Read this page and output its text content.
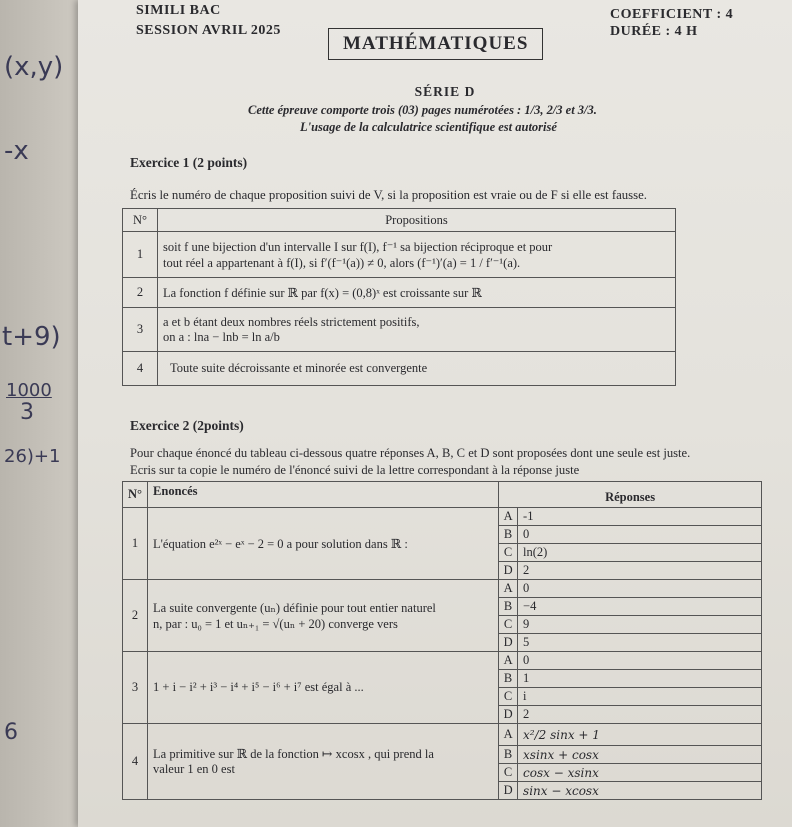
(x,y)
-x
t+9)
1000
3
26)+1
6
SIMILI BAC
SESSION AVRIL 2025
MATHÉMATIQUES
COEFFICIENT : 4
DURÉE : 4 H
SÉRIE D
Cette épreuve comporte trois (03) pages numérotées : 1/3, 2/3 et 3/3.
L'usage de la calculatrice scientifique est autorisé
Exercice 1 (2 points)
Écris le numéro de chaque proposition suivi de V, si la proposition est vraie ou de F si elle est fausse.
N°	Propositions
1	soit f une bijection d'un intervalle I sur f(I), f⁻¹ sa bijection réciproque et pour
tout réel a appartenant à f(I), si f′(f⁻¹(a)) ≠ 0, alors (f⁻¹)′(a) = 1 / f′⁻¹(a).

2	La fonction f définie sur ℝ par f(x) = (0,8)ˣ est croissante sur ℝ

3	a et b étant deux nombres réels strictement positifs,
on a : lna − lnb = ln a/b

4	Toute suite décroissante et minorée est convergente
Exercice 2 (2points)
Pour chaque énoncé du tableau ci-dessous quatre réponses A, B, C et D sont proposées dont une seule est juste.
Ecris sur ta copie le numéro de l'énoncé suivi de la lettre correspondant à la réponse juste
N°	Enoncés	Réponses	
1	L'équation e²ˣ − eˣ − 2 = 0 a pour solution dans ℝ :	A	-1
		B	0
		C	ln(2)
		D	2
2	La suite convergente (uₙ) définie pour tout entier naturel
n, par : u₀ = 1 et uₙ₊₁ = √(uₙ + 20) converge vers	A	0
		B	−4
		C	9
		D	5
3	1 + i − i² + i³ − i⁴ + i⁵ − i⁶ + i⁷ est égal à ...	A	0
		B	1
		C	i
		D	2
4	La primitive sur ℝ de la fonction ↦ xcosx , qui prend la
valeur 1 en 0 est	A	x²/2 sinx + 1
		B	xsinx + cosx
		C	cosx − xsinx
		D	sinx − xcosx
